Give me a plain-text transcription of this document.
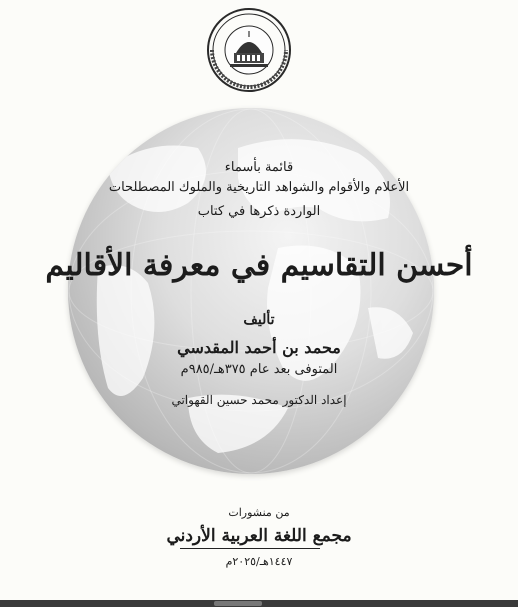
قائمة بأسماء
الأعلام والأقوام والشواهد التاريخية والملوك المصطلحات
الواردة ذكرها في كتاب
أحسن التقاسيم في معرفة الأقاليم
تأليف
محمد بن أحمد المقدسي
المتوفى بعد عام ٣٧٥هـ/٩٨٥م
إعداد الدكتور محمد حسين القهواتي
من منشورات
مجمع اللغة العربية الأردني
١٤٤٧هـ/٢٠٢٥م
